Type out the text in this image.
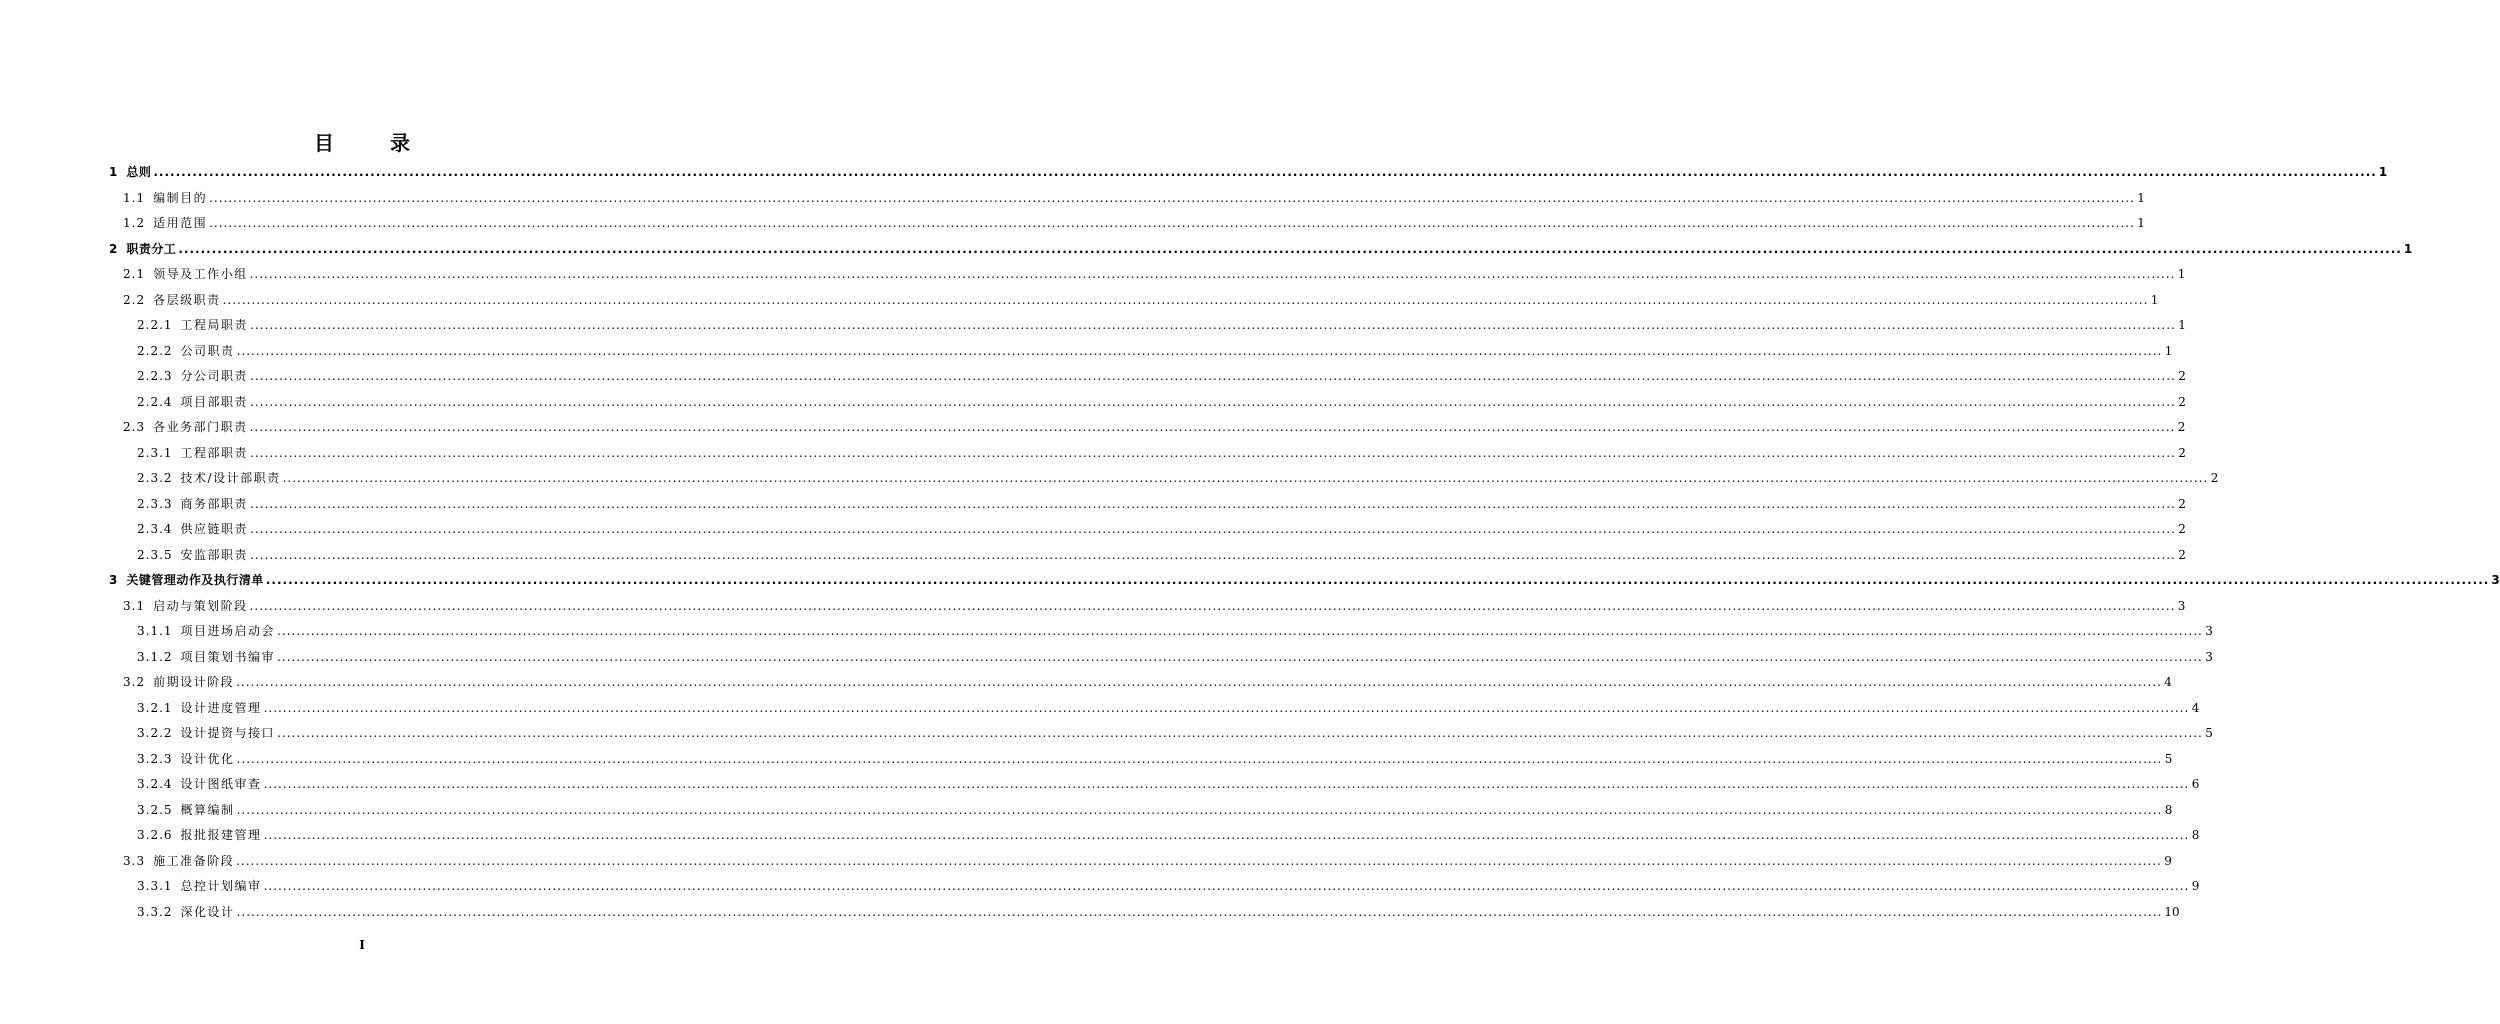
目　录
1 总则 ................................................................................................................................................................................................................................................................................................................................................................................................................ 1
1.1 编制目的 ................................................................................................................................................................................................................................................................................................................................................................................................................ 1
1.2 适用范围 ................................................................................................................................................................................................................................................................................................................................................................................................................ 1
2 职责分工 ................................................................................................................................................................................................................................................................................................................................................................................................................ 1
2.1 领导及工作小组 ................................................................................................................................................................................................................................................................................................................................................................................................................ 1
2.2 各层级职责 ................................................................................................................................................................................................................................................................................................................................................................................................................ 1
2.2.1 工程局职责 ................................................................................................................................................................................................................................................................................................................................................................................................................ 1
2.2.2 公司职责 ................................................................................................................................................................................................................................................................................................................................................................................................................ 1
2.2.3 分公司职责 ................................................................................................................................................................................................................................................................................................................................................................................................................ 2
2.2.4 项目部职责 ................................................................................................................................................................................................................................................................................................................................................................................................................ 2
2.3 各业务部门职责 ................................................................................................................................................................................................................................................................................................................................................................................................................ 2
2.3.1 工程部职责 ................................................................................................................................................................................................................................................................................................................................................................................................................ 2
2.3.2 技术/设计部职责 ................................................................................................................................................................................................................................................................................................................................................................................................................ 2
2.3.3 商务部职责 ................................................................................................................................................................................................................................................................................................................................................................................................................ 2
2.3.4 供应链职责 ................................................................................................................................................................................................................................................................................................................................................................................................................ 2
2.3.5 安监部职责 ................................................................................................................................................................................................................................................................................................................................................................................................................ 2
3 关键管理动作及执行清单 ................................................................................................................................................................................................................................................................................................................................................................................................................ 3
3.1 启动与策划阶段 ................................................................................................................................................................................................................................................................................................................................................................................................................ 3
3.1.1 项目进场启动会 ................................................................................................................................................................................................................................................................................................................................................................................................................ 3
3.1.2 项目策划书编审 ................................................................................................................................................................................................................................................................................................................................................................................................................ 3
3.2 前期设计阶段 ................................................................................................................................................................................................................................................................................................................................................................................................................ 4
3.2.1 设计进度管理 ................................................................................................................................................................................................................................................................................................................................................................................................................ 4
3.2.2 设计提资与接口 ................................................................................................................................................................................................................................................................................................................................................................................................................ 5
3.2.3 设计优化 ................................................................................................................................................................................................................................................................................................................................................................................................................ 5
3.2.4 设计图纸审查 ................................................................................................................................................................................................................................................................................................................................................................................................................ 6
3.2.5 概算编制 ................................................................................................................................................................................................................................................................................................................................................................................................................ 8
3.2.6 报批报建管理 ................................................................................................................................................................................................................................................................................................................................................................................................................ 8
3.3 施工准备阶段 ................................................................................................................................................................................................................................................................................................................................................................................................................ 9
3.3.1 总控计划编审 ................................................................................................................................................................................................................................................................................................................................................................................................................ 9
3.3.2 深化设计 ................................................................................................................................................................................................................................................................................................................................................................................................................ 10
I
